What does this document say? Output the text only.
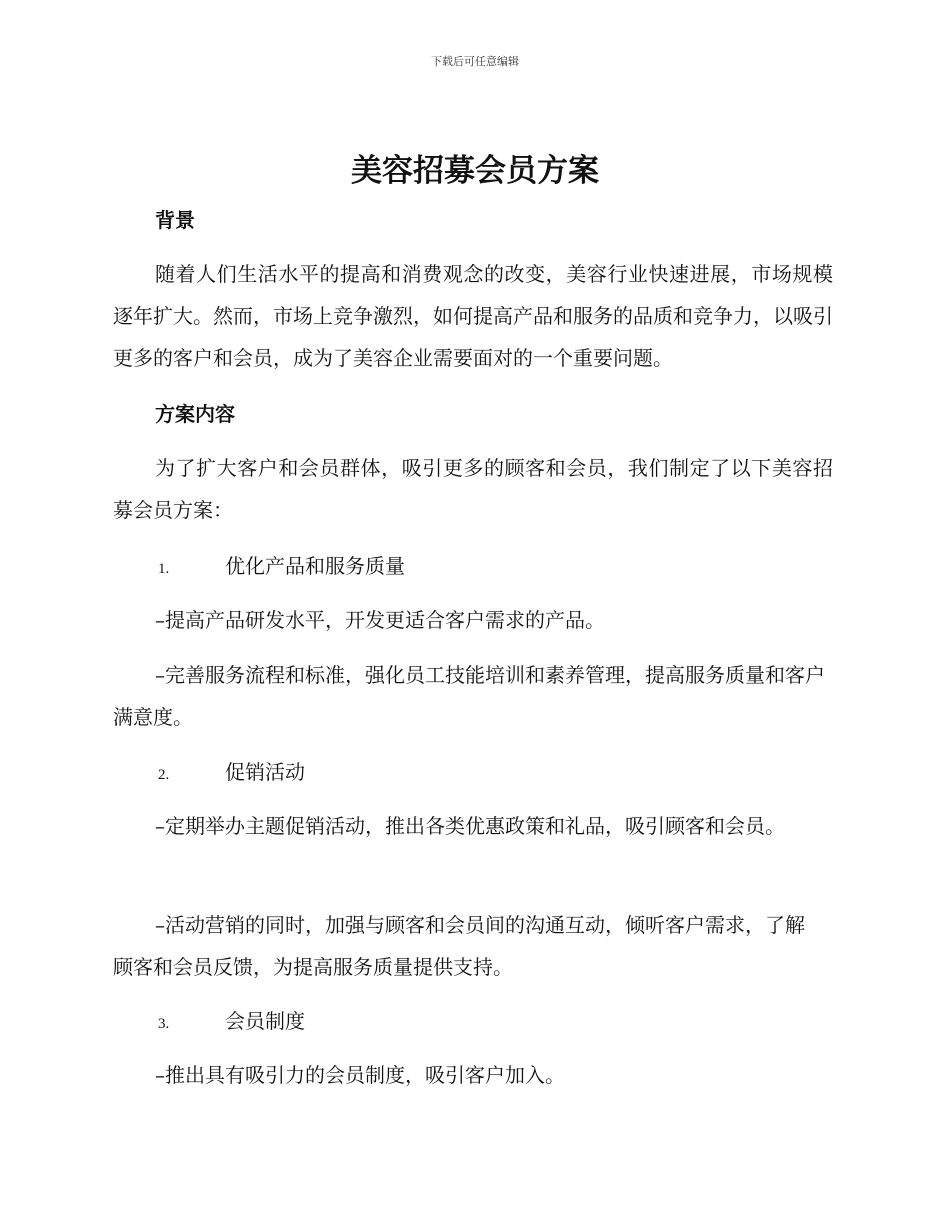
下载后可任意编辑
美容招募会员方案
背景

随着人们生活水平的提高和消费观念的改变，美容行业快速进展，市场规模逐年扩大。然而，市场上竞争激烈，如何提高产品和服务的品质和竞争力，以吸引更多的客户和会员，成为了美容企业需要面对的一个重要问题。

方案内容

为了扩大客户和会员群体，吸引更多的顾客和会员，我们制定了以下美容招募会员方案：

1.	优化产品和服务质量

–提高产品研发水平，开发更适合客户需求的产品。

–完善服务流程和标准，强化员工技能培训和素养管理，提高服务质量和客户满意度。

2.	促销活动

–定期举办主题促销活动，推出各类优惠政策和礼品，吸引顾客和会员。

–活动营销的同时，加强与顾客和会员间的沟通互动，倾听客户需求，了解顾客和会员反馈，为提高服务质量提供支持。

3.	会员制度

–推出具有吸引力的会员制度，吸引客户加入。
